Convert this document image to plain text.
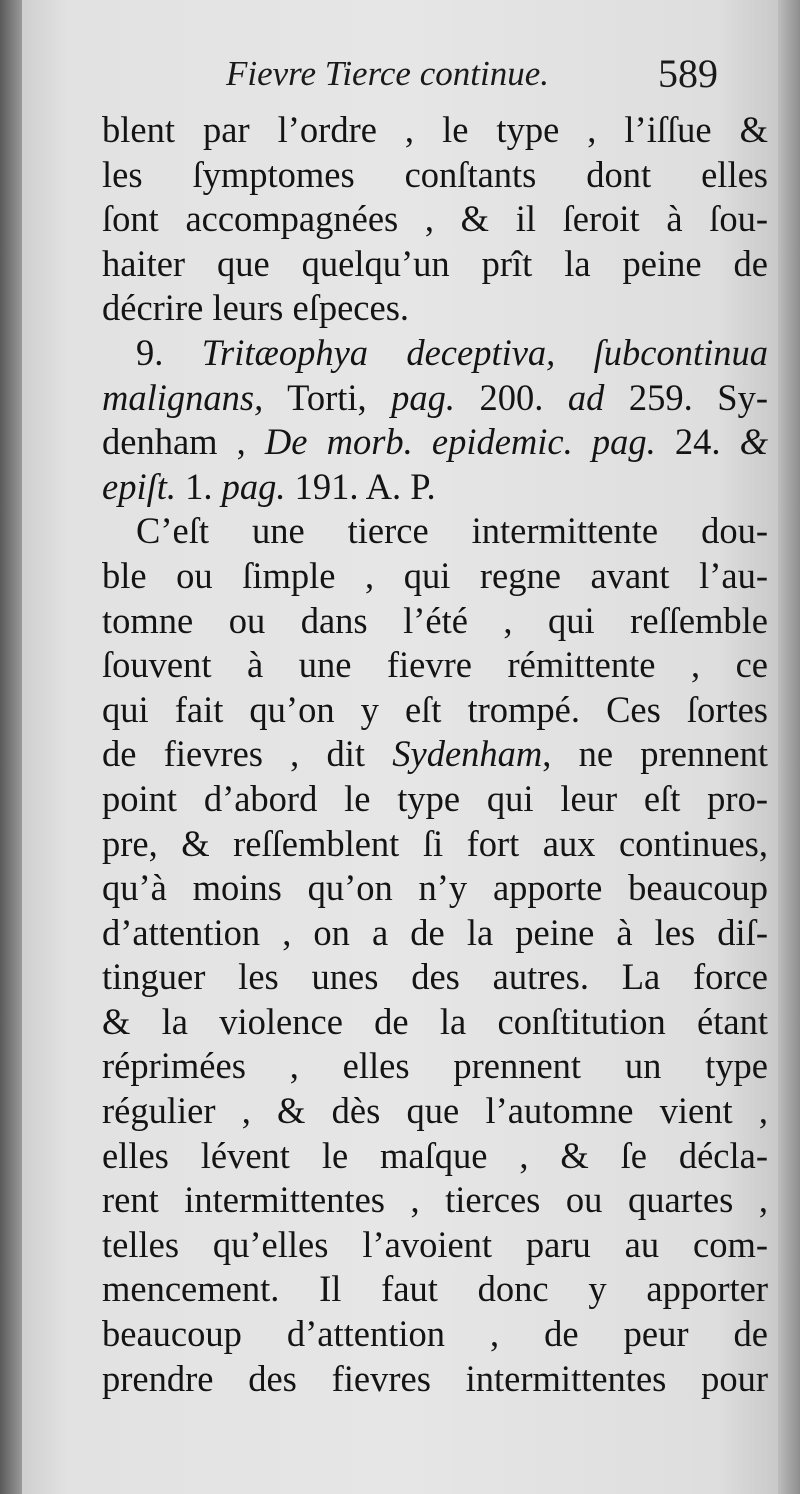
Fievre Tierce continue.	589
blent par l’ordre , le type , l’iſſue &
les ſymptomes conſtants dont elles
ſont accompagnées , & il ſeroit à ſou-
haiter que quelqu’un prît la peine de
décrire leurs eſpeces.
9. Tritæophya deceptiva, ſubcontinua
malignans, Torti, pag. 200. ad 259. Sy-
denham , De morb. epidemic. pag. 24. &
epiſt. 1. pag. 191. A. P.
C’eſt une tierce intermittente dou-
ble ou ſimple , qui regne avant l’au-
tomne ou dans l’été , qui reſſemble
ſouvent à une fievre rémittente , ce
qui fait qu’on y eſt trompé. Ces ſortes
de fievres , dit Sydenham, ne prennent
point d’abord le type qui leur eſt pro-
pre, & reſſemblent ſi fort aux continues,
qu’à moins qu’on n’y apporte beaucoup
d’attention , on a de la peine à les diſ-
tinguer les unes des autres. La force
& la violence de la conſtitution étant
réprimées , elles prennent un type
régulier , & dès que l’automne vient ,
elles lévent le maſque , & ſe décla-
rent intermittentes , tierces ou quartes ,
telles qu’elles l’avoient paru au com-
mencement. Il faut donc y apporter
beaucoup d’attention , de peur de
prendre des fievres intermittentes pour
